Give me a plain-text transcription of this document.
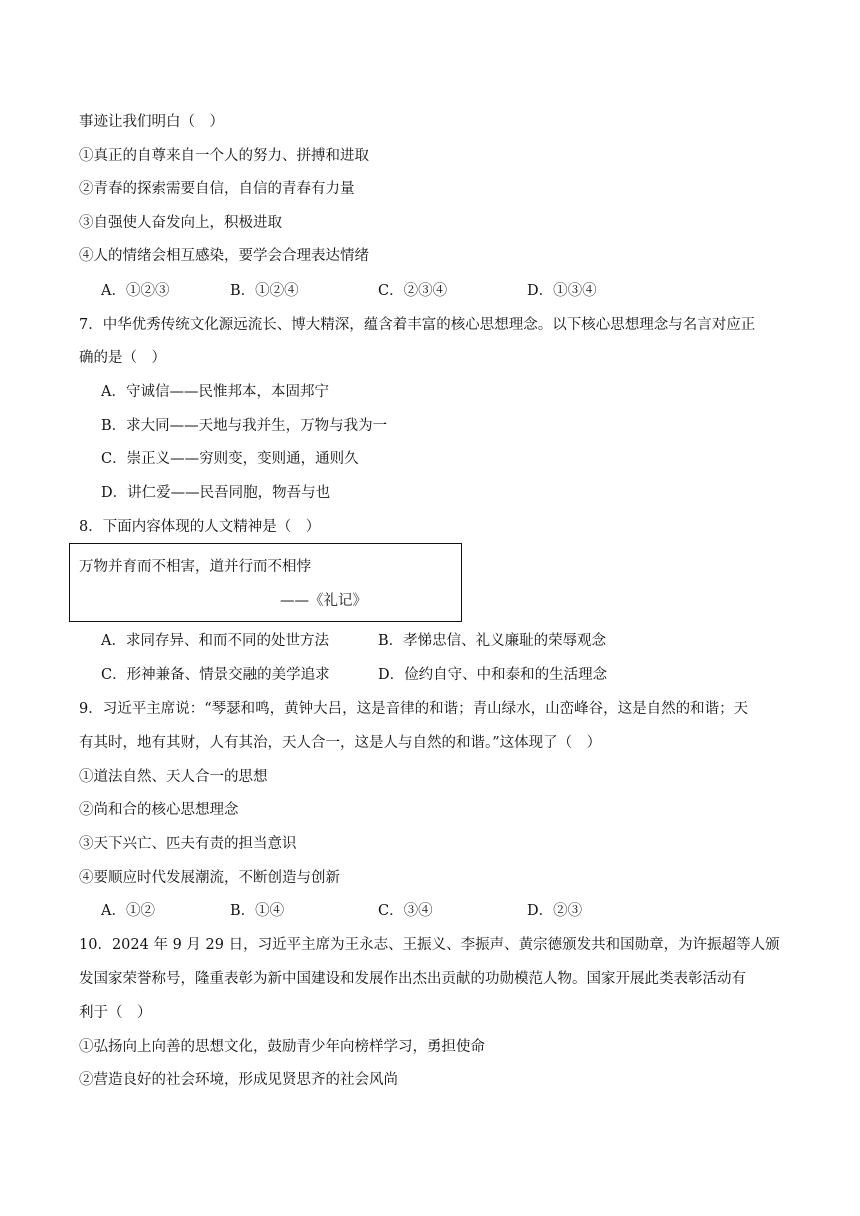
事迹让我们明白（　）
①真正的自尊来自一个人的努力、拼搏和进取
②青春的探索需要自信，自信的青春有力量
③自强使人奋发向上，积极进取
④人的情绪会相互感染，要学会合理表达情绪
A．①②③	B．①②④	C．②③④	D．①③④
7．中华优秀传统文化源远流长、博大精深，蕴含着丰富的核心思想理念。以下核心思想理念与名言对应正
确的是（　）
A．守诚信——民惟邦本，本固邦宁
B．求大同——天地与我并生，万物与我为一
C．崇正义——穷则变，变则通，通则久
D．讲仁爱——民吾同胞，物吾与也
8．下面内容体现的人文精神是（　）
万物并育而不相害，道并行而不相悖
——《礼记》
A．求同存异、和而不同的处世方法	B．孝悌忠信、礼义廉耻的荣辱观念
C．形神兼备、情景交融的美学追求	D．俭约自守、中和泰和的生活理念
9．习近平主席说：“琴瑟和鸣，黄钟大吕，这是音律的和谐；青山绿水，山峦峰谷，这是自然的和谐；天
有其时，地有其财，人有其治，天人合一，这是人与自然的和谐。”这体现了（　）
①道法自然、天人合一的思想
②尚和合的核心思想理念
③天下兴亡、匹夫有责的担当意识
④要顺应时代发展潮流，不断创造与创新
A．①②	B．①④	C．③④	D．②③
10．2024 年 9 月 29 日，习近平主席为王永志、王振义、李振声、黄宗德颁发共和国勋章，为许振超等人颁
发国家荣誉称号，隆重表彰为新中国建设和发展作出杰出贡献的功勋模范人物。国家开展此类表彰活动有
利于（　）
①弘扬向上向善的思想文化，鼓励青少年向榜样学习，勇担使命
②营造良好的社会环境，形成见贤思齐的社会风尚
